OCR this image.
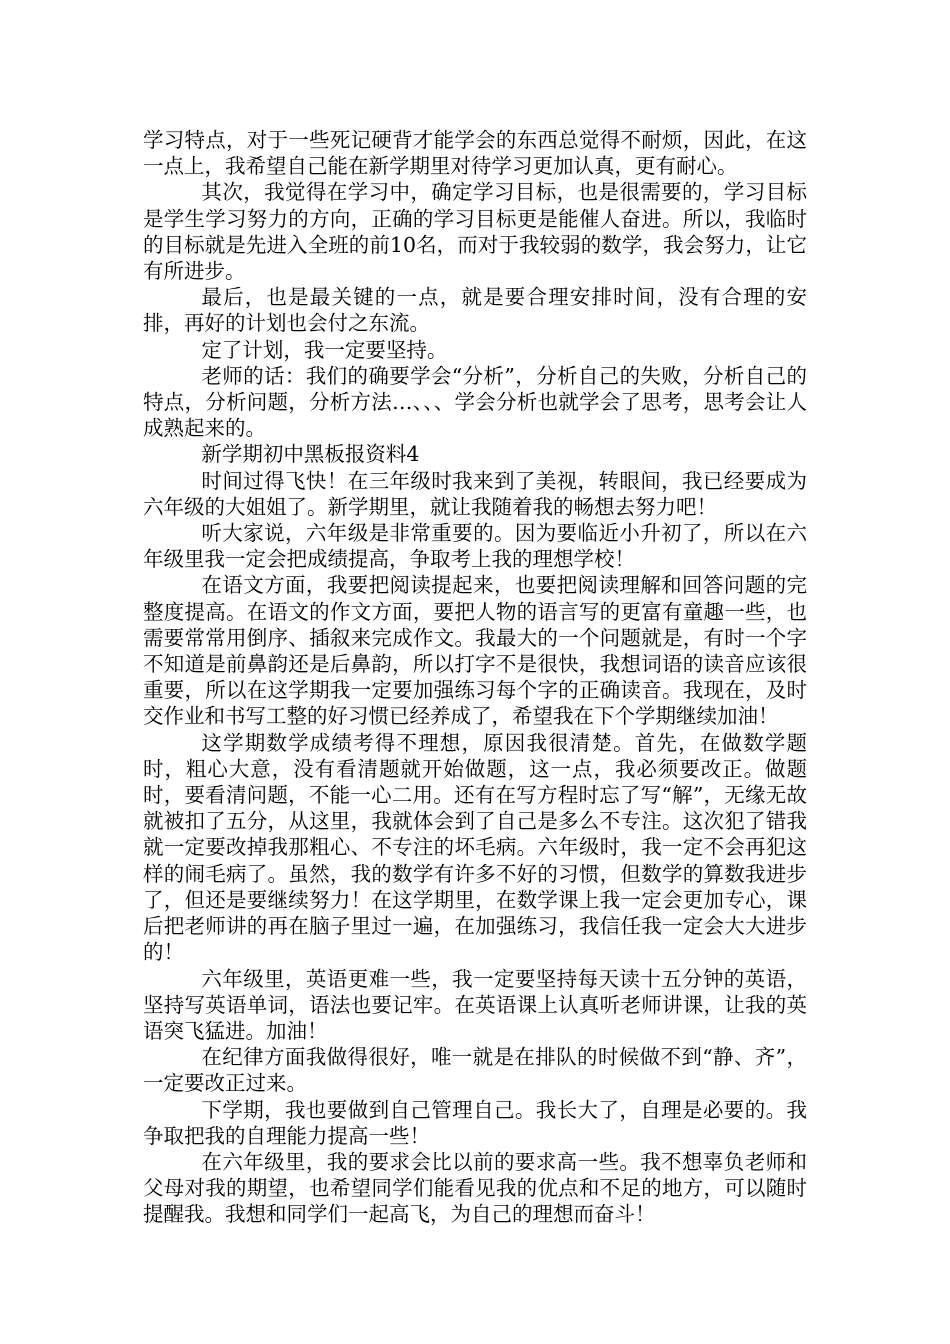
学习特点，对于一些死记硬背才能学会的东西总觉得不耐烦，因此，在这一点上，我希望自己能在新学期里对待学习更加认真，更有耐心。

其次，我觉得在学习中，确定学习目标，也是很需要的，学习目标是学生学习努力的方向，正确的学习目标更是能催人奋进。所以，我临时的目标就是先进入全班的前10名，而对于我较弱的数学，我会努力，让它有所进步。

最后，也是最关键的一点，就是要合理安排时间，没有合理的安排，再好的计划也会付之东流。

定了计划，我一定要坚持。

老师的话：我们的确要学会“分析”，分析自己的失败，分析自己的特点，分析问题，分析方法…、、、学会分析也就学会了思考，思考会让人成熟起来的。

新学期初中黑板报资料4

时间过得飞快！在三年级时我来到了美视，转眼间，我已经要成为六年级的大姐姐了。新学期里，就让我随着我的畅想去努力吧！

听大家说，六年级是非常重要的。因为要临近小升初了，所以在六年级里我一定会把成绩提高，争取考上我的理想学校！

在语文方面，我要把阅读提起来，也要把阅读理解和回答问题的完整度提高。在语文的作文方面，要把人物的语言写的更富有童趣一些，也需要常常用倒序、插叙来完成作文。我最大的一个问题就是，有时一个字不知道是前鼻韵还是后鼻韵，所以打字不是很快，我想词语的读音应该很重要，所以在这学期我一定要加强练习每个字的正确读音。我现在，及时交作业和书写工整的好习惯已经养成了，希望我在下个学期继续加油！

这学期数学成绩考得不理想，原因我很清楚。首先，在做数学题时，粗心大意，没有看清题就开始做题，这一点，我必须要改正。做题时，要看清问题，不能一心二用。还有在写方程时忘了写“解”，无缘无故就被扣了五分，从这里，我就体会到了自己是多么不专注。这次犯了错我就一定要改掉我那粗心、不专注的坏毛病。六年级时，我一定不会再犯这样的闹毛病了。虽然，我的数学有许多不好的习惯，但数学的算数我进步了，但还是要继续努力！在这学期里，在数学课上我一定会更加专心，课后把老师讲的再在脑子里过一遍，在加强练习，我信任我一定会大大进步的！

六年级里，英语更难一些，我一定要坚持每天读十五分钟的英语，坚持写英语单词，语法也要记牢。在英语课上认真听老师讲课，让我的英语突飞猛进。加油！

在纪律方面我做得很好，唯一就是在排队的时候做不到“静、齐”，一定要改正过来。

下学期，我也要做到自己管理自己。我长大了，自理是必要的。我争取把我的自理能力提高一些！

在六年级里，我的要求会比以前的要求高一些。我不想辜负老师和父母对我的期望，也希望同学们能看见我的优点和不足的地方，可以随时提醒我。我想和同学们一起高飞，为自己的理想而奋斗！
